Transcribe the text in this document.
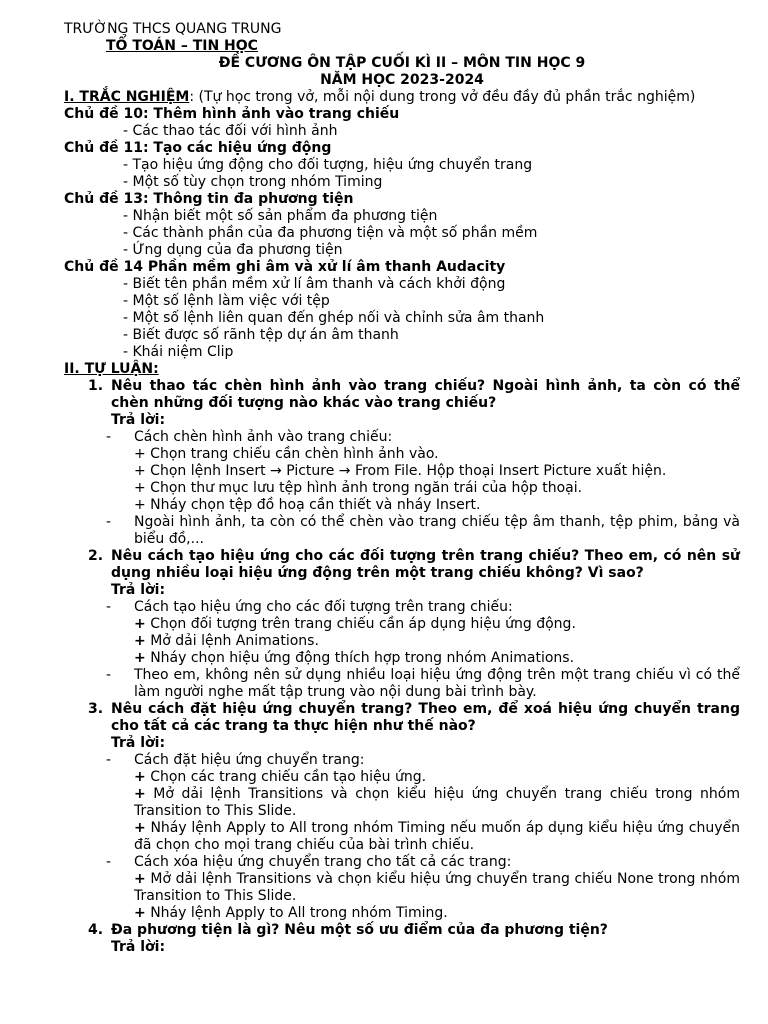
TRƯỜNG THCS QUANG TRUNG
TỔ TOÁN – TIN HỌC
ĐỀ CƯƠNG ÔN TẬP CUỐI KÌ II – MÔN TIN HỌC 9
NĂM HỌC 2023-2024
I. TRẮC NGHIỆM: (Tự học trong vở, mỗi nội dung trong vở đều đầy đủ phần trắc nghiệm)
Chủ đề 10: Thêm hình ảnh vào trang chiếu
- Các thao tác đối với hình ảnh
Chủ đề 11: Tạo các hiệu ứng động
- Tạo hiệu ứng động cho đối tượng, hiệu ứng chuyển trang
- Một số tùy chọn trong nhóm Timing
Chủ đề 13: Thông tin đa phương tiện
- Nhận biết một số sản phẩm đa phương tiện
- Các thành phần của đa phương tiện và một số phần mềm
- Ứng dụng của đa phương tiện
Chủ đề 14 Phần mềm ghi âm và xử lí âm thanh Audacity
- Biết tên phần mềm xử lí âm thanh và cách khởi động
- Một số lệnh làm việc với tệp
- Một số lệnh liên quan đến ghép nối và chỉnh sửa âm thanh
- Biết được số rãnh tệp dự án âm thanh
- Khái niệm Clip
II. TỰ LUẬN:
1. Nêu thao tác chèn hình ảnh vào trang chiếu? Ngoài hình ảnh, ta còn có thể chèn những đối tượng nào khác vào trang chiếu?
Trả lời:
-	Cách chèn hình ảnh vào trang chiếu:
+ Chọn trang chiếu cần chèn hình ảnh vào.
+ Chọn lệnh Insert → Picture → From File. Hộp thoại Insert Picture xuất hiện.
+ Chọn thư mục lưu tệp hình ảnh trong ngăn trái của hộp thoại.
+ Nháy chọn tệp đồ hoạ cần thiết và nháy Insert.
-	Ngoài hình ảnh, ta còn có thể chèn vào trang chiếu tệp âm thanh, tệp phim, bảng và biểu đồ,...
2. Nêu cách tạo hiệu ứng cho các đối tượng trên trang chiếu? Theo em, có nên sử dụng nhiều loại hiệu ứng động trên một trang chiếu không? Vì sao?
Trả lời:
-	Cách tạo hiệu ứng cho các đối tượng trên trang chiếu:
+ Chọn đối tượng trên trang chiếu cần áp dụng hiệu ứng động.
+ Mở dải lệnh Animations.
+ Nháy chọn hiệu ứng động thích hợp trong nhóm Animations.
-	Theo em, không nên sử dụng nhiều loại hiệu ứng động trên một trang chiếu vì có thể làm người nghe mất tập trung vào nội dung bài trình bày.
3. Nêu cách đặt hiệu ứng chuyển trang? Theo em, để xoá hiệu ứng chuyển trang cho tất cả các trang ta thực hiện như thế nào?
Trả lời:
-	Cách đặt hiệu ứng chuyển trang:
+ Chọn các trang chiếu cần tạo hiệu ứng.
+ Mở dải lệnh Transitions và chọn kiểu hiệu ứng chuyển trang chiếu trong nhóm Transition to This Slide.
+ Nháy lệnh Apply to All trong nhóm Timing nếu muốn áp dụng kiểu hiệu ứng chuyển đã chọn cho mọi trang chiếu của bài trình chiếu.
-	Cách xóa hiệu ứng chuyển trang cho tất cả các trang:
+ Mở dải lệnh Transitions và chọn kiểu hiệu ứng chuyển trang chiếu None trong nhóm Transition to This Slide.
+ Nháy lệnh Apply to All trong nhóm Timing.
4. Đa phương tiện là gì? Nêu một số ưu điểm của đa phương tiện?
Trả lời:
